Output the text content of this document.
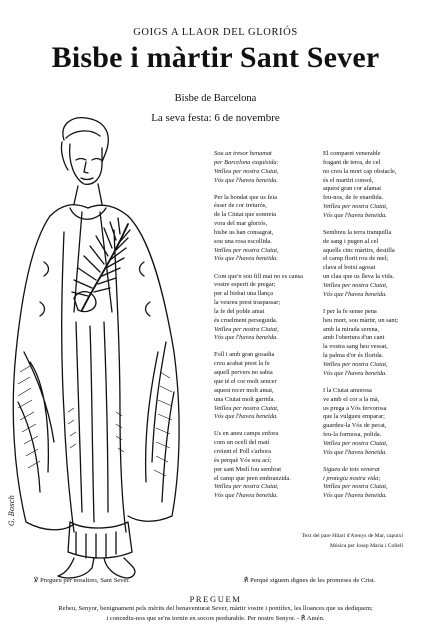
GOIGS A LLAOR DEL GLORIÓS
Bisbe i màrtir Sant Sever
Bisbe de Barcelona
La seva festa: 6 de novembre
G. Bosch
Sou un tresor benamat
per Barcelona exquisida:
Vetlleu per nostra Ciutat,
Vós que l'haveu beneïda.
Per la bondat que us feia
ésser de cor treturós,
de la Ciutat que somreia
vora del mar gloriós,
bisbe us han consagrat,
sou una rosa escollida.
Vetlleu per nostra Ciutat,
Vós que l'haveu beneïda.
Com que'n sou fill mai no es cansa
vostre esperit de pregar;
per al bisbat una llança
la veureu prest traspassar;
la fe del poble amat
és cruelment perseguida.
Vetlleu per nostra Ciutat,
Vós que l'haveu beneïda.
Foll i amb gran gosadia
creu acabat prest la fe
aquell pervers no sabia
que té el cor molt sencer
aquest recer molt amat,
una Ciutat molt garrida.
Vetlleu per nostra Ciutat,
Vós que l'haveu beneïda.
Us en aneu camps enfora
com un ocell del matí
creient el Poll s'arbora
és perquè Vós sou ací;
per sant Medí fou sembrat
el camp que pren embranzida.
Vetlleu per nostra Ciutat,
Vós que l'haveu beneïda.
El comparet venerable
fragant de terra, de cel
no creu la mort cap obstacle,
és el martiri consol,
aquest gran cor afamat
feu-nos, de fe enardida.
Vetlleu per nostra Ciutat,
Vós que l'haveu beneïda.
Sembreu la terra tranquilla
de sang i pugen al cel
aquells cinc màrtirs, destilla
el camp florit rou de mel;
clava el botxí agosat
un clau que us lleva la vida.
Vetlleu per nostra Ciutat,
Vós que l'haveu beneïda.
I per la fe sense pena
heu mort, sou màrtir, un sant;
amb la mirada serena,
amb l'obertura d'un cant
la vostra sang heu vessat,
la palma d'or és florida.
Vetlleu per nostra Ciutat,
Vós que l'haveu beneïda.
I la Ciutat amorosa
ve amb el cor a la mà,
us prega a Vós fervorosa
que la vulgueu emparar;
guardeu-la Vós de pecat,
feu-la formosa, polida.
Vetlleu per nostra Ciutat,
Vós que l'haveu beneïda.
Sigueu de tots venerat
i protegiu nostra vida;
Vetlleu per nostra Ciutat,
Vós que l'haveu beneïda.
Text del pare Hilari d'Arenys de Mar, caputxí
Música per Josep Maria i Collell
℣ Pregueu per nosaltres, Sant Sever.	℟ Perquè siguem dignes de les promeses de Crist.
PREGUEM
Rebeu, Senyor, benignament pels mèrits del benaventurat Sever, màrtir vostre i pontífex, les lloances que us dediquem;
i concediu-nos que se'ns tornin en socors perdurable. Per nostre Senyor. - ℟ Amén.
